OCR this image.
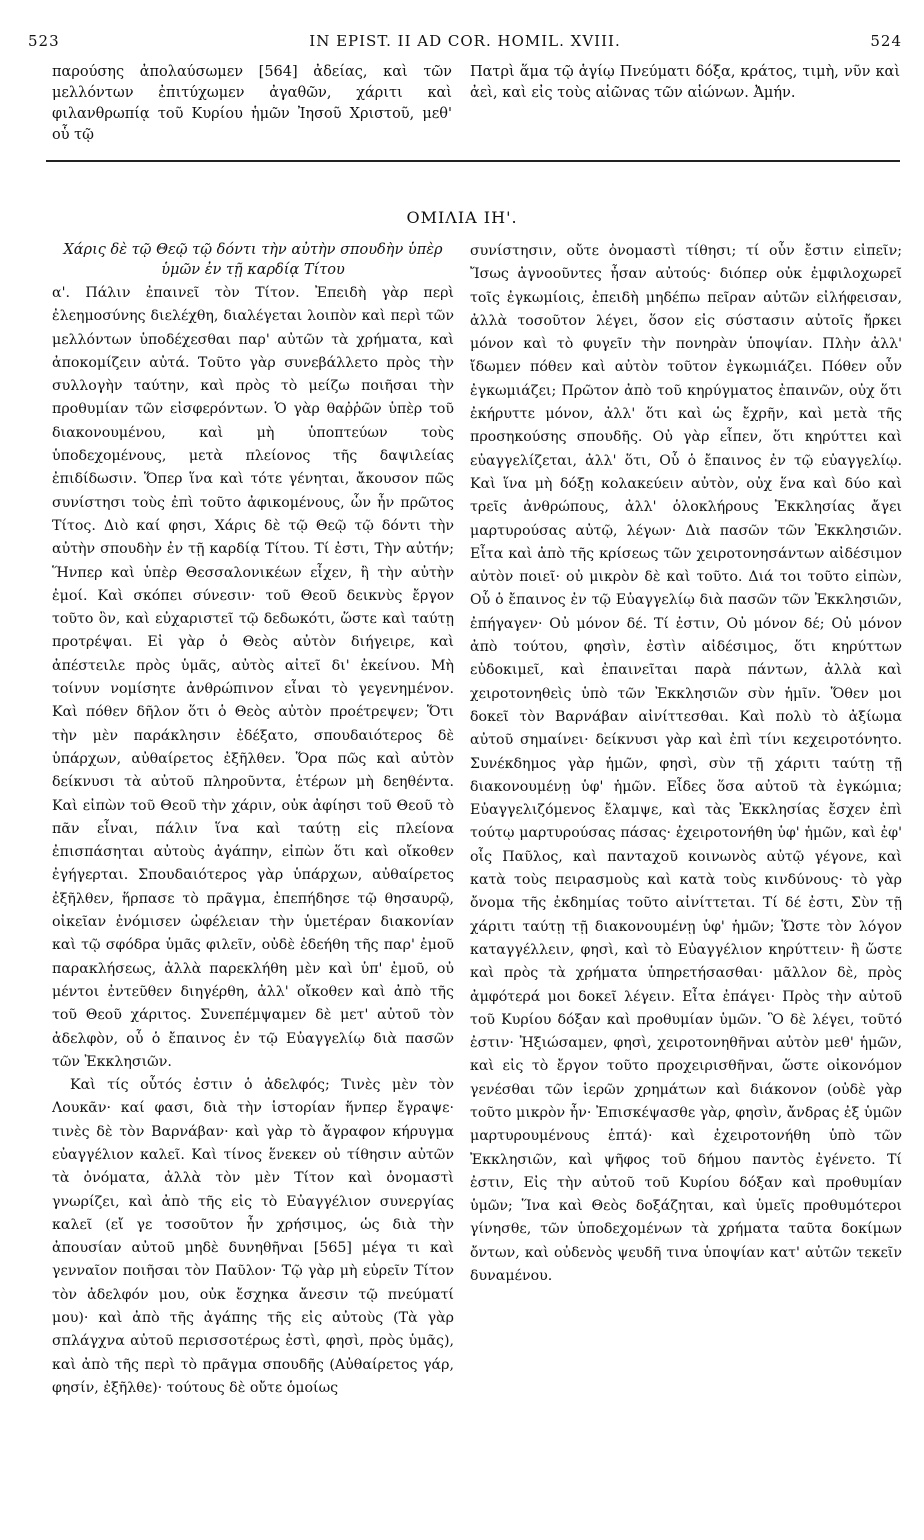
523	IN EPIST. II AD COR. HOMIL. XVIII.	524
παρούσης ἀπολαύσωμεν [564] ἀδείας, καὶ τῶν μελλόντων ἐπιτύχωμεν ἀγαθῶν, χάριτι καὶ φιλανθρωπίᾳ τοῦ Κυρίου ἡμῶν Ἰησοῦ Χριστοῦ, μεθ' οὗ τῷ
Πατρὶ ἅμα τῷ ἁγίῳ Πνεύματι δόξα, κράτος, τιμὴ, νῦν καὶ ἀεὶ, καὶ εἰς τοὺς αἰῶνας τῶν αἰώνων. Ἀμήν.
ΟΜΙΛΙΑ ΙΗ'.
Χάρις δὲ τῷ Θεῷ τῷ δόντι τὴν αὐτὴν σπουδὴν ὑπὲρ ὑμῶν ἐν τῇ καρδίᾳ Τίτου

α'. Πάλιν ἐπαινεῖ τὸν Τίτον. Ἐπειδὴ γὰρ περὶ ἐλεημοσύνης διελέχθη, διαλέγεται λοιπὸν καὶ περὶ τῶν μελλόντων ὑποδέχεσθαι παρ' αὐτῶν τὰ χρήματα, καὶ ἀποκομίζειν αὐτά. Τοῦτο γὰρ συνεβάλλετο πρὸς τὴν συλλογὴν ταύτην, καὶ πρὸς τὸ μείζω ποιῆσαι τὴν προθυμίαν τῶν εἰσφερόντων. Ὁ γὰρ θαῤῥῶν ὑπὲρ τοῦ διακονουμένου, καὶ μὴ ὑποπτεύων τοὺς ὑποδεχομένους, μετὰ πλείονος τῆς δαψιλείας ἐπιδίδωσιν. Ὅπερ ἵνα καὶ τότε γένηται, ἄκουσον πῶς συνίστησι τοὺς ἐπὶ τοῦτο ἀφικομένους, ὧν ἦν πρῶτος Τίτος. Διὸ καί φησι, Χάρις δὲ τῷ Θεῷ τῷ δόντι τὴν αὐτὴν σπουδὴν ἐν τῇ καρδίᾳ Τίτου. Τί ἐστι, Τὴν αὐτήν; Ἥνπερ καὶ ὑπὲρ Θεσσαλονικέων εἶχεν, ἢ τὴν αὐτὴν ἐμοί. Καὶ σκόπει σύνεσιν· τοῦ Θεοῦ δεικνὺς ἔργον τοῦτο ὂν, καὶ εὐχαριστεῖ τῷ δεδωκότι, ὥστε καὶ ταύτῃ προτρέψαι. Εἰ γὰρ ὁ Θεὸς αὐτὸν διήγειρε, καὶ ἀπέστειλε πρὸς ὑμᾶς, αὐτὸς αἰτεῖ δι' ἐκείνου. Μὴ τοίνυν νομίσητε ἀνθρώπινον εἶναι τὸ γεγενημένον. Καὶ πόθεν δῆλον ὅτι ὁ Θεὸς αὐτὸν προέτρεψεν; Ὅτι τὴν μὲν παράκλησιν ἐδέξατο, σπουδαιότερος δὲ ὑπάρχων, αὐθαίρετος ἐξῆλθεν. Ὅρα πῶς καὶ αὐτὸν δείκνυσι τὰ αὐτοῦ πληροῦντα, ἑτέρων μὴ δεηθέντα. Καὶ εἰπὼν τοῦ Θεοῦ τὴν χάριν, οὐκ ἀφίησι τοῦ Θεοῦ τὸ πᾶν εἶναι, πάλιν ἵνα καὶ ταύτῃ εἰς πλείονα ἐπισπάσηται αὐτοὺς ἀγάπην, εἰπὼν ὅτι καὶ οἴκοθεν ἐγήγερται. Σπουδαιότερος γὰρ ὑπάρχων, αὐθαίρετος ἐξῆλθεν, ἥρπασε τὸ πρᾶγμα, ἐπεπήδησε τῷ θησαυρῷ, οἰκεῖαν ἐνόμισεν ὠφέλειαν τὴν ὑμετέραν διακονίαν καὶ τῷ σφόδρα ὑμᾶς φιλεῖν, οὐδὲ ἐδεήθη τῆς παρ' ἐμοῦ παρακλήσεως, ἀλλὰ παρεκλήθη μὲν καὶ ὑπ' ἐμοῦ, οὐ μέντοι ἐντεῦθεν διηγέρθη, ἀλλ' οἴκοθεν καὶ ἀπὸ τῆς τοῦ Θεοῦ χάριτος. Συνεπέμψαμεν δὲ μετ' αὐτοῦ τὸν ἀδελφὸν, οὗ ὁ ἔπαινος ἐν τῷ Εὐαγγελίῳ διὰ πασῶν τῶν Ἐκκλησιῶν.

Καὶ τίς οὗτός ἐστιν ὁ ἀδελφός; Τινὲς μὲν τὸν Λουκᾶν· καί φασι, διὰ τὴν ἱστορίαν ἥνπερ ἔγραψε· τινὲς δὲ τὸν Βαρνάβαν· καὶ γὰρ τὸ ἄγραφον κήρυγμα εὐαγγέλιον καλεῖ. Καὶ τίνος ἕνεκεν οὐ τίθησιν αὐτῶν τὰ ὀνόματα, ἀλλὰ τὸν μὲν Τίτον καὶ ὀνομαστὶ γνωρίζει, καὶ ἀπὸ τῆς εἰς τὸ Εὐαγγέλιον συνεργίας καλεῖ (εἴ γε τοσοῦτον ἦν χρήσιμος, ὡς διὰ τὴν ἀπουσίαν αὐτοῦ μηδὲ δυνηθῆναι [565] μέγα τι καὶ γενναῖον ποιῆσαι τὸν Παῦλον· Τῷ γὰρ μὴ εὑρεῖν Τίτον τὸν ἀδελφόν μου, οὐκ ἔσχηκα ἄνεσιν τῷ πνεύματί μου)· καὶ ἀπὸ τῆς ἀγάπης τῆς εἰς αὐτοὺς (Τὰ γὰρ σπλάγχνα αὐτοῦ περισσοτέρως ἐστὶ, φησὶ, πρὸς ὑμᾶς), καὶ ἀπὸ τῆς περὶ τὸ πρᾶγμα σπουδῆς (Αὐθαίρετος γάρ, φησίν, ἐξῆλθε)· τούτους δὲ οὔτε ὁμοίως

συνίστησιν, οὔτε ὀνομαστὶ τίθησι; τί οὖν ἔστιν εἰπεῖν; Ἴσως ἀγνοοῦντες ἦσαν αὐτούς· διόπερ οὐκ ἐμφιλοχωρεῖ τοῖς ἐγκωμίοις, ἐπειδὴ μηδέπω πεῖραν αὐτῶν εἰλήφεισαν, ἀλλὰ τοσοῦτον λέγει, ὅσον εἰς σύστασιν αὐτοῖς ἤρκει μόνον καὶ τὸ φυγεῖν τὴν πονηρὰν ὑποψίαν. Πλὴν ἀλλ' ἴδωμεν πόθεν καὶ αὐτὸν τοῦτον ἐγκωμιάζει. Πόθεν οὖν ἐγκωμιάζει; Πρῶτον ἀπὸ τοῦ κηρύγματος ἐπαινῶν, οὐχ ὅτι ἐκήρυττε μόνον, ἀλλ' ὅτι καὶ ὡς ἔχρῆν, καὶ μετὰ τῆς προσηκούσης σπουδῆς. Οὐ γὰρ εἶπεν, ὅτι κηρύττει καὶ εὐαγγελίζεται, ἀλλ' ὅτι, Οὗ ὁ ἔπαινος ἐν τῷ εὐαγγελίῳ. Καὶ ἵνα μὴ δόξῃ κολακεύειν αὐτὸν, οὐχ ἕνα καὶ δύο καὶ τρεῖς ἀνθρώπους, ἀλλ' ὁλοκλήρους Ἐκκλησίας ἄγει μαρτυρούσας αὐτῷ, λέγων· Διὰ πασῶν τῶν Ἐκκλησιῶν. Εἶτα καὶ ἀπὸ τῆς κρίσεως τῶν χειροτονησάντων αἰδέσιμον αὐτὸν ποιεῖ· οὐ μικρὸν δὲ καὶ τοῦτο. Διά τοι τοῦτο εἰπὼν, Οὗ ὁ ἔπαινος ἐν τῷ Εὐαγγελίῳ διὰ πασῶν τῶν Ἐκκλησιῶν, ἐπήγαγεν· Οὐ μόνον δέ. Τί ἐστιν, Οὐ μόνον δέ; Οὐ μόνον ἀπὸ τούτου, φησὶν, ἐστὶν αἰδέσιμος, ὅτι κηρύττων εὐδοκιμεῖ, καὶ ἐπαινεῖται παρὰ πάντων, ἀλλὰ καὶ χειροτονηθεὶς ὑπὸ τῶν Ἐκκλησιῶν σὺν ἡμῖν. Ὅθεν μοι δοκεῖ τὸν Βαρνάβαν αἰνίττεσθαι. Καὶ πολὺ τὸ ἀξίωμα αὐτοῦ σημαίνει· δείκνυσι γὰρ καὶ ἐπὶ τίνι κεχειροτόνητο. Συνέκδημος γὰρ ἡμῶν, φησὶ, σὺν τῇ χάριτι ταύτῃ τῇ διακονουμένῃ ὑφ' ἡμῶν. Εἶδες ὅσα αὐτοῦ τὰ ἐγκώμια; Εὐαγγελιζόμενος ἔλαμψε, καὶ τὰς Ἐκκλησίας ἔσχεν ἐπὶ τούτῳ μαρτυρούσας πάσας· ἐχειροτονήθη ὑφ' ἡμῶν, καὶ ἐφ' οἷς Παῦλος, καὶ πανταχοῦ κοινωνὸς αὐτῷ γέγονε, καὶ κατὰ τοὺς πειρασμοὺς καὶ κατὰ τοὺς κινδύνους· τὸ γὰρ ὄνομα τῆς ἐκδημίας τοῦτο αἰνίττεται. Τί δέ ἐστι, Σὺν τῇ χάριτι ταύτῃ τῇ διακονουμένῃ ὑφ' ἡμῶν; Ὥστε τὸν λόγον καταγγέλλειν, φησὶ, καὶ τὸ Εὐαγγέλιον κηρύττειν· ἢ ὥστε καὶ πρὸς τὰ χρήματα ὑπηρετήσασθαι· μᾶλλον δὲ, πρὸς ἀμφότερά μοι δοκεῖ λέγειν. Εἶτα ἐπάγει· Πρὸς τὴν αὐτοῦ τοῦ Κυρίου δόξαν καὶ προθυμίαν ὑμῶν. Ὃ δὲ λέγει, τοῦτό ἐστιν· Ἠξιώσαμεν, φησὶ, χειροτονηθῆναι αὐτὸν μεθ' ἡμῶν, καὶ εἰς τὸ ἔργον τοῦτο προχειρισθῆναι, ὥστε οἰκονόμον γενέσθαι τῶν ἱερῶν χρημάτων καὶ διάκονον (οὐδὲ γὰρ τοῦτο μικρὸν ἦν· Ἐπισκέψασθε γὰρ, φησὶν, ἄνδρας ἐξ ὑμῶν μαρτυρουμένους ἑπτά)· καὶ ἐχειροτονήθη ὑπὸ τῶν Ἐκκλησιῶν, καὶ ψῆφος τοῦ δήμου παντὸς ἐγένετο. Τί ἐστιν, Εἰς τὴν αὐτοῦ τοῦ Κυρίου δόξαν καὶ προθυμίαν ὑμῶν; Ἵνα καὶ Θεὸς δοξάζηται, καὶ ὑμεῖς προθυμότεροι γίνησθε, τῶν ὑποδεχομένων τὰ χρήματα ταῦτα δοκίμων ὄντων, καὶ οὐδενὸς ψευδῆ τινα ὑποψίαν κατ' αὐτῶν τεκεῖν δυναμένου.
